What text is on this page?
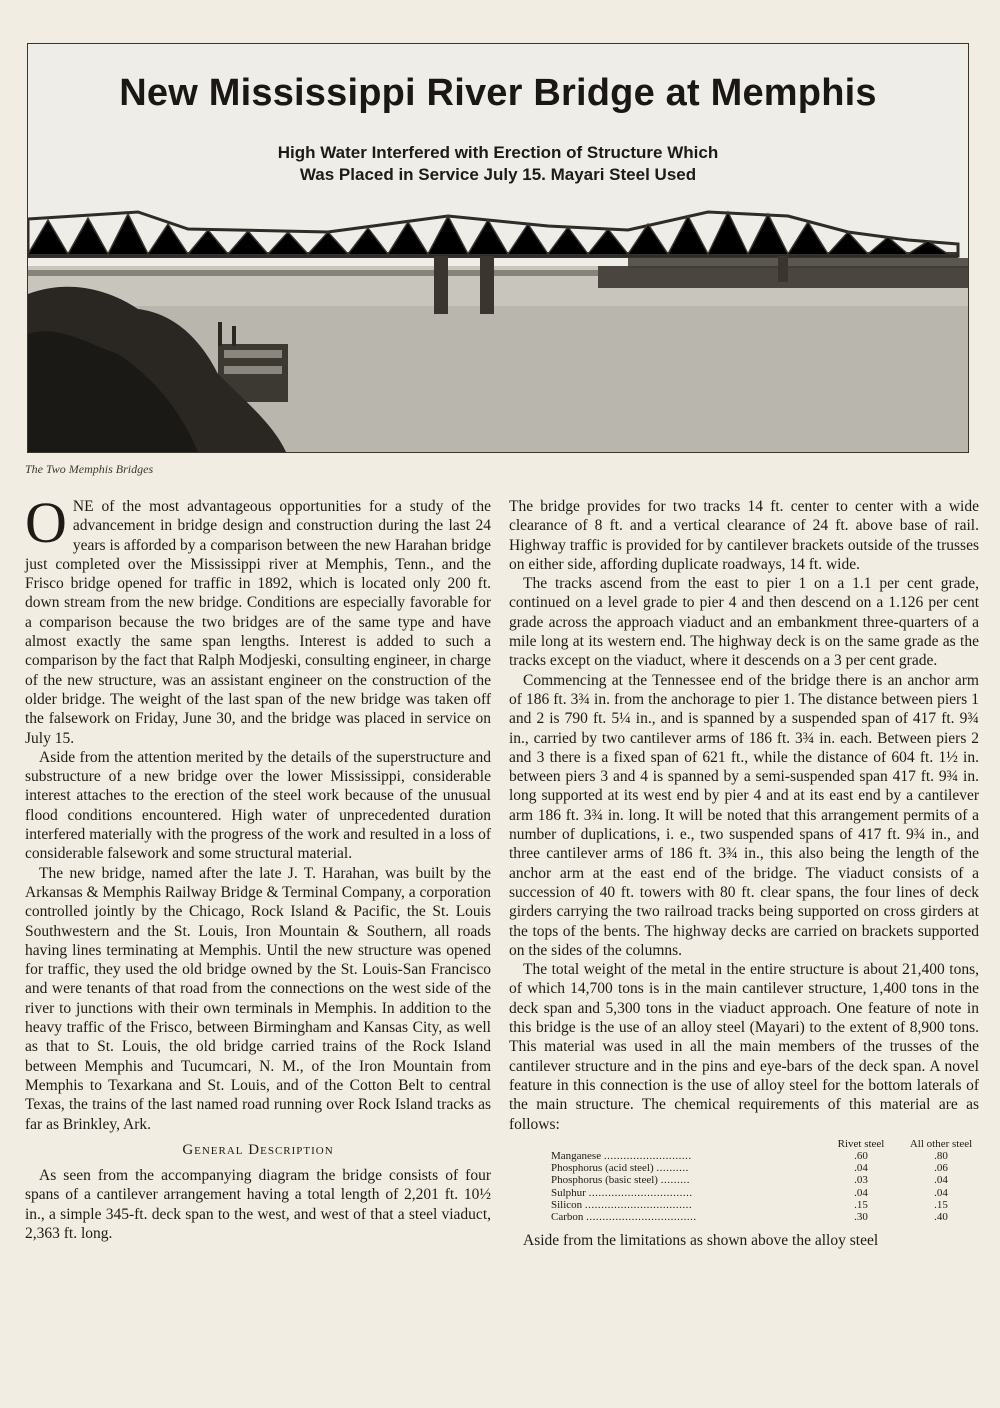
New Mississippi River Bridge at Memphis
High Water Interfered with Erection of Structure Which
Was Placed in Service July 15. Mayari Steel Used
The Two Memphis Bridges

ONE of the most advantageous opportunities for a study of the advancement in bridge design and construction during the last 24 years is afforded by a comparison between the new Harahan bridge just completed over the Mississippi river at Memphis, Tenn., and the Frisco bridge opened for traffic in 1892, which is located only 200 ft. down stream from the new bridge. Conditions are especially favorable for a comparison because the two bridges are of the same type and have almost exactly the same span lengths. Interest is added to such a comparison by the fact that Ralph Modjeski, consulting engineer, in charge of the new structure, was an assistant engineer on the construction of the older bridge. The weight of the last span of the new bridge was taken off the falsework on Friday, June 30, and the bridge was placed in service on July 15.

Aside from the attention merited by the details of the superstructure and substructure of a new bridge over the lower Mississippi, considerable interest attaches to the erection of the steel work because of the unusual flood conditions encountered. High water of unprecedented duration interfered materially with the progress of the work and resulted in a loss of considerable falsework and some structural material.

The new bridge, named after the late J. T. Harahan, was built by the Arkansas & Memphis Railway Bridge & Terminal Company, a corporation controlled jointly by the Chicago, Rock Island & Pacific, the St. Louis Southwestern and the St. Louis, Iron Mountain & Southern, all roads having lines terminating at Memphis. Until the new structure was opened for traffic, they used the old bridge owned by the St. Louis-San Francisco and were tenants of that road from the connections on the west side of the river to junctions with their own terminals in Memphis. In addition to the heavy traffic of the Frisco, between Birmingham and Kansas City, as well as that to St. Louis, the old bridge carried trains of the Rock Island between Memphis and Tucumcari, N. M., of the Iron Mountain from Memphis to Texarkana and St. Louis, and of the Cotton Belt to central Texas, the trains of the last named road running over Rock Island tracks as far as Brinkley, Ark.

General Description

As seen from the accompanying diagram the bridge consists of four spans of a cantilever arrangement having a total length of 2,201 ft. 10½ in., a simple 345-ft. deck span to the west, and west of that a steel viaduct, 2,363 ft. long.

The bridge provides for two tracks 14 ft. center to center with a wide clearance of 8 ft. and a vertical clearance of 24 ft. above base of rail. Highway traffic is provided for by cantilever brackets outside of the trusses on either side, affording duplicate roadways, 14 ft. wide.

The tracks ascend from the east to pier 1 on a 1.1 per cent grade, continued on a level grade to pier 4 and then descend on a 1.126 per cent grade across the approach viaduct and an embankment three-quarters of a mile long at its western end. The highway deck is on the same grade as the tracks except on the viaduct, where it descends on a 3 per cent grade.

Commencing at the Tennessee end of the bridge there is an anchor arm of 186 ft. 3¾ in. from the anchorage to pier 1. The distance between piers 1 and 2 is 790 ft. 5¼ in., and is spanned by a suspended span of 417 ft. 9¾ in., carried by two cantilever arms of 186 ft. 3¾ in. each. Between piers 2 and 3 there is a fixed span of 621 ft., while the distance of 604 ft. 1½ in. between piers 3 and 4 is spanned by a semi-suspended span 417 ft. 9¾ in. long supported at its west end by pier 4 and at its east end by a cantilever arm 186 ft. 3¾ in. long. It will be noted that this arrangement permits of a number of duplications, i. e., two suspended spans of 417 ft. 9¾ in., and three cantilever arms of 186 ft. 3¾ in., this also being the length of the anchor arm at the east end of the bridge. The viaduct consists of a succession of 40 ft. towers with 80 ft. clear spans, the four lines of deck girders carrying the two railroad tracks being supported on cross girders at the tops of the bents. The highway decks are carried on brackets supported on the sides of the columns.

The total weight of the metal in the entire structure is about 21,400 tons, of which 14,700 tons is in the main cantilever structure, 1,400 tons in the deck span and 5,300 tons in the viaduct approach. One feature of note in this bridge is the use of an alloy steel (Mayari) to the extent of 8,900 tons. This material was used in all the main members of the trusses of the cantilever structure and in the pins and eye-bars of the deck span. A novel feature in this connection is the use of alloy steel for the bottom laterals of the main structure. The chemical requirements of this material are as follows:

	Rivet steel	All other steel
Manganese ...........................	.60	.80
Phosphorus (acid steel) ..........	.04	.06
Phosphorus (basic steel) .........	.03	.04
Sulphur ................................	.04	.04
Silicon .................................	.15	.15
Carbon ..................................	.30	.40

Aside from the limitations as shown above the alloy steel
